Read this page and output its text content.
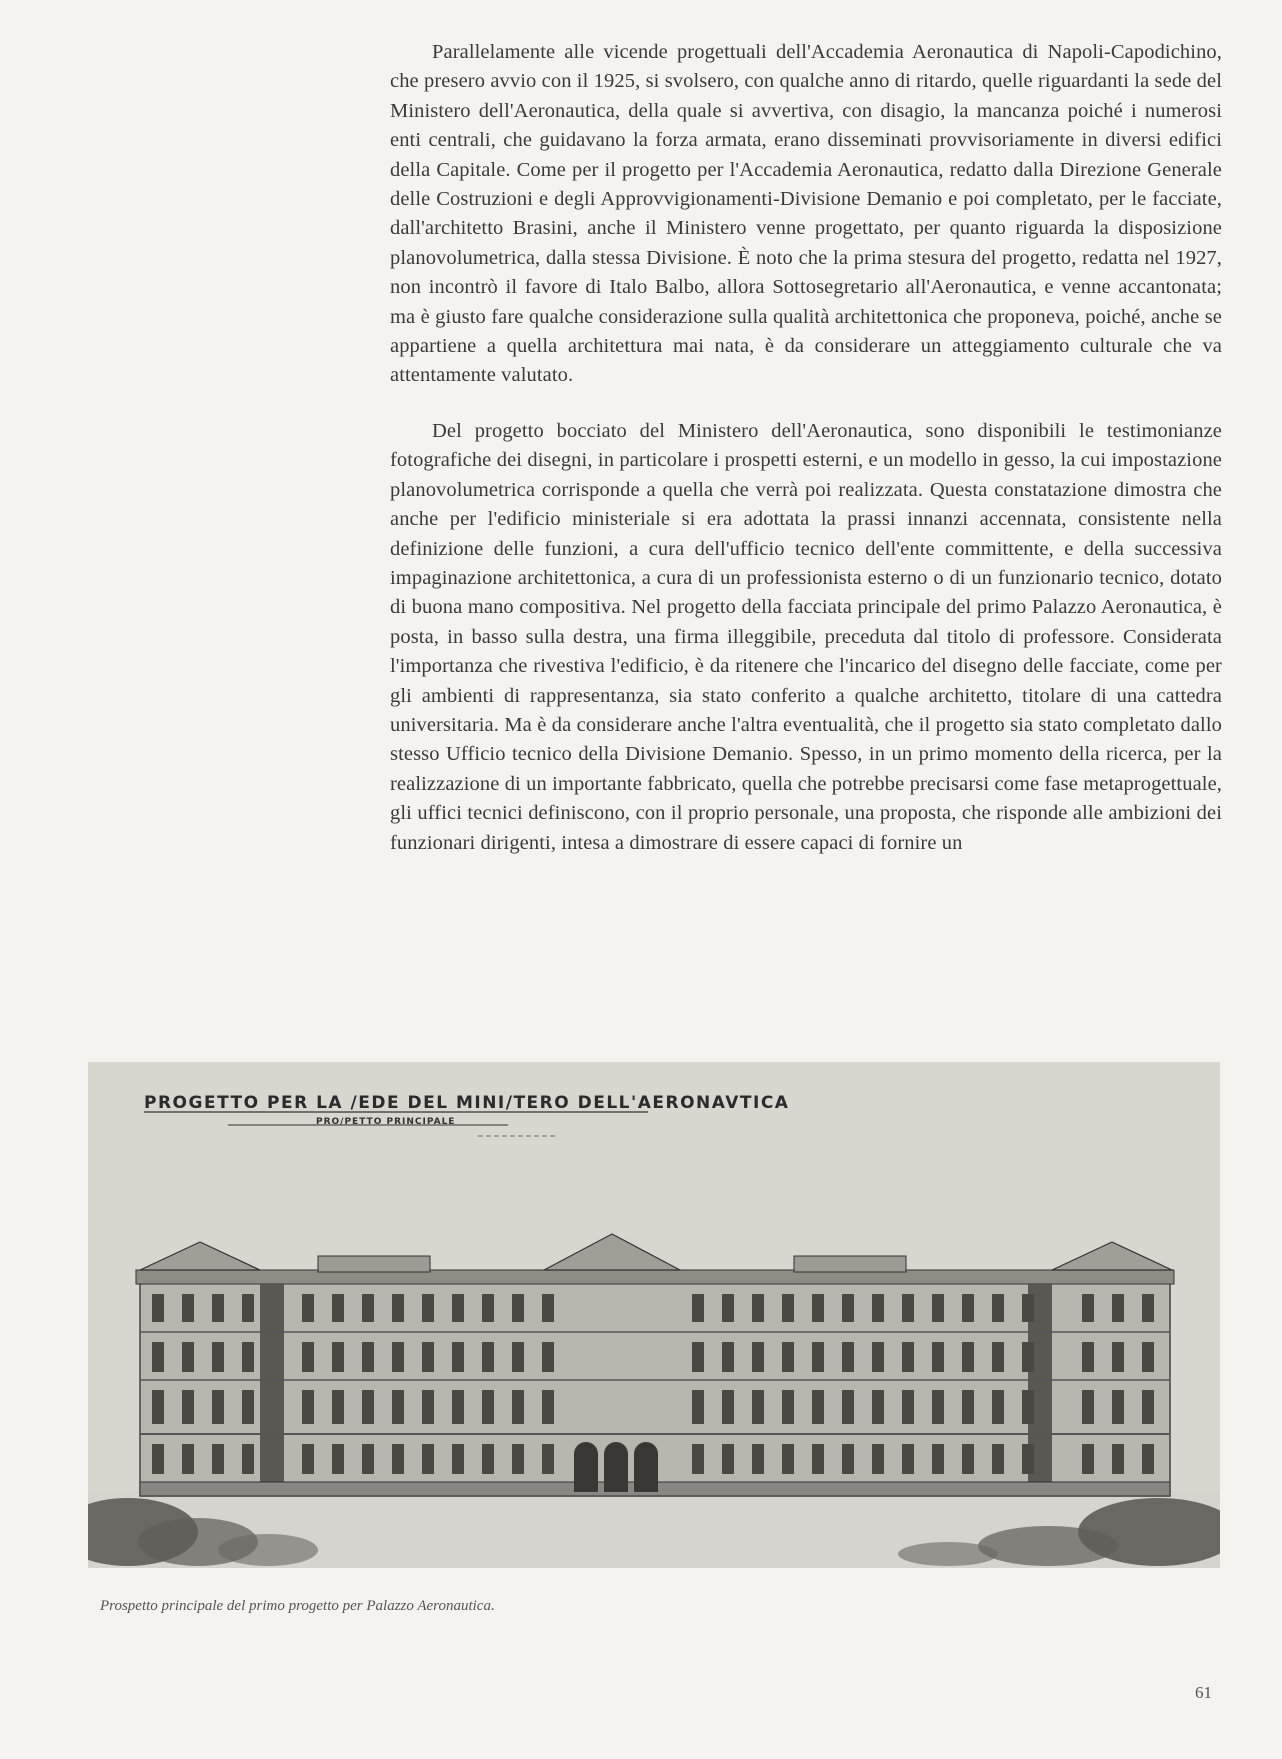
Parallelamente alle vicende progettuali dell'Accademia Aeronautica di Napoli-Capodichino, che presero avvio con il 1925, si svolsero, con qualche anno di ritardo, quelle riguardanti la sede del Ministero dell'Aeronautica, della quale si avvertiva, con disagio, la mancanza poiché i numerosi enti centrali, che guidavano la forza armata, erano disseminati provvisoriamente in diversi edifici della Capitale. Come per il progetto per l'Accademia Aeronautica, redatto dalla Direzione Generale delle Costruzioni e degli Approvvigionamenti-Divisione Demanio e poi completato, per le facciate, dall'architetto Brasini, anche il Ministero venne progettato, per quanto riguarda la disposizione planovolumetrica, dalla stessa Divisione. È noto che la prima stesura del progetto, redatta nel 1927, non incontrò il favore di Italo Balbo, allora Sottosegretario all'Aeronautica, e venne accantonata; ma è giusto fare qualche considerazione sulla qualità architettonica che proponeva, poiché, anche se appartiene a quella architettura mai nata, è da considerare un atteggiamento culturale che va attentamente valutato.

Del progetto bocciato del Ministero dell'Aeronautica, sono disponibili le testimonianze fotografiche dei disegni, in particolare i prospetti esterni, e un modello in gesso, la cui impostazione planovolumetrica corrisponde a quella che verrà poi realizzata. Questa constatazione dimostra che anche per l'edificio ministeriale si era adottata la prassi innanzi accennata, consistente nella definizione delle funzioni, a cura dell'ufficio tecnico dell'ente committente, e della successiva impaginazione architettonica, a cura di un professionista esterno o di un funzionario tecnico, dotato di buona mano compositiva. Nel progetto della facciata principale del primo Palazzo Aeronautica, è posta, in basso sulla destra, una firma illeggibile, preceduta dal titolo di professore. Considerata l'importanza che rivestiva l'edificio, è da ritenere che l'incarico del disegno delle facciate, come per gli ambienti di rappresentanza, sia stato conferito a qualche architetto, titolare di una cattedra universitaria. Ma è da considerare anche l'altra eventualità, che il progetto sia stato completato dallo stesso Ufficio tecnico della Divisione Demanio. Spesso, in un primo momento della ricerca, per la realizzazione di un importante fabbricato, quella che potrebbe precisarsi come fase metaprogettuale, gli uffici tecnici definiscono, con il proprio personale, una proposta, che risponde alle ambizioni dei funzionari dirigenti, intesa a dimostrare di essere capaci di fornire un

PROGETTO PER LA /EDE DEL MINI/TERO DELL'AERONAVTICA
PRO/PETTO PRINCIPALE
Prospetto principale del primo progetto per Palazzo Aeronautica.
61
